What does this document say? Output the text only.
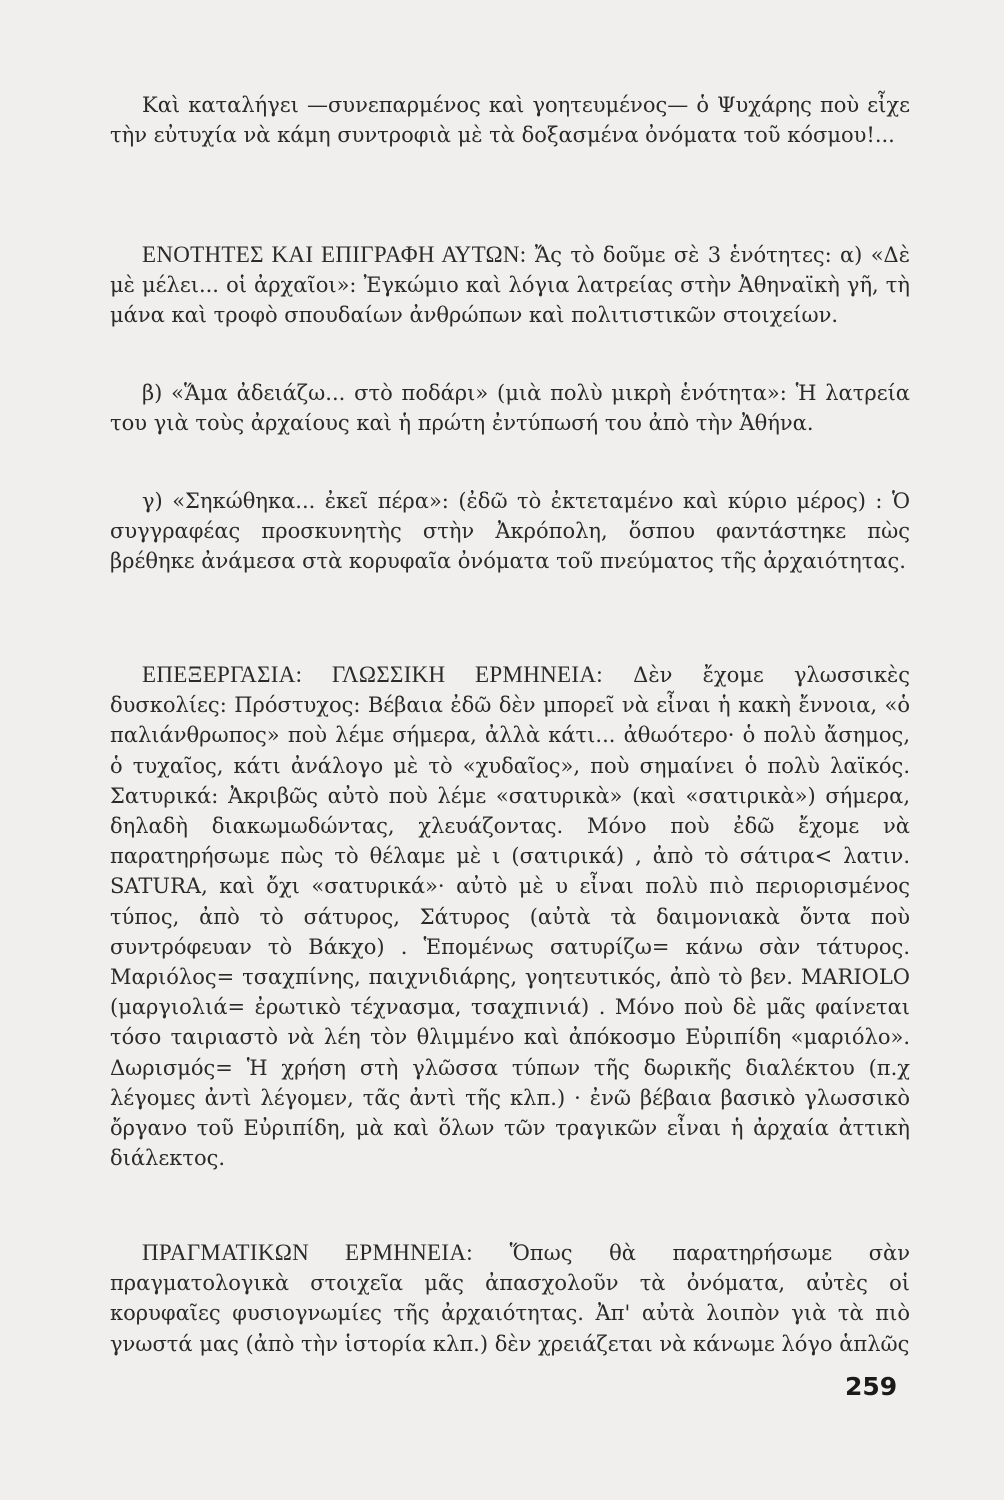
Καὶ καταλήγει —συνεπαρμένος καὶ γοητευμένος— ὁ Ψυχάρης ποὺ εἶχε τὴν εὐτυχία νὰ κάμη συντροφιὰ μὲ τὰ δοξασμένα ὀνόματα τοῦ κόσμου!...

ΕΝΟΤΗΤΕΣ ΚΑΙ ΕΠΙΓΡΑΦΗ ΑΥΤΩΝ: Ἄς τὸ δοῦμε σὲ 3 ἑνότητες: α) «Δὲ μὲ μέλει... οἱ ἀρχαῖοι»: Ἐγκώμιο καὶ λόγια λατρείας στὴν Ἀθηναϊκὴ γῆ, τὴ μάνα καὶ τροφὸ σπουδαίων ἀνθρώπων καὶ πολιτιστικῶν στοιχείων.

β) «Ἅμα ἀδειάζω... στὸ ποδάρι» (μιὰ πολὺ μικρὴ ἑνότητα»: Ἡ λατρεία του γιὰ τοὺς ἀρχαίους καὶ ἡ πρώτη ἐντύπωσή του ἀπὸ τὴν Ἀθήνα.

γ) «Σηκώθηκα... ἐκεῖ πέρα»: (ἐδῶ τὸ ἐκτεταμένο καὶ κύριο μέρος) : Ὁ συγγραφέας προσκυνητὴς στὴν Ἀκρόπολη, ὅσπου φαντάστηκε πὼς βρέθηκε ἀνάμεσα στὰ κορυφαῖα ὀνόματα τοῦ πνεύματος τῆς ἀρχαιότητας.

ΕΠΕΞΕΡΓΑΣΙΑ: ΓΛΩΣΣΙΚΗ ΕΡΜΗΝΕΙΑ: Δὲν ἔχομε γλωσσικὲς δυσκολίες: Πρόστυχος: Βέβαια ἐδῶ δὲν μπορεῖ νὰ εἶναι ἡ κακὴ ἔννοια, «ὁ παλιάνθρωπος» ποὺ λέμε σήμερα, ἀλλὰ κάτι... ἀθωότερο· ὁ πολὺ ἄσημος, ὁ τυχαῖος, κάτι ἀνάλογο μὲ τὸ «χυδαῖος», ποὺ σημαίνει ὁ πολὺ λαϊκός. Σατυρικά: Ἀκριβῶς αὐτὸ ποὺ λέμε «σατυρικὰ» (καὶ «σατιρικὰ») σήμερα, δηλαδὴ διακωμωδώντας, χλευάζοντας. Μόνο ποὺ ἐδῶ ἔχομε νὰ παρατηρήσωμε πὼς τὸ θέλαμε μὲ ι (σατιρικά) , ἀπὸ τὸ σάτιρα< λατιν. SATURA, καὶ ὄχι «σατυρικά»· αὐτὸ μὲ υ εἶναι πολὺ πιὸ περιορισμένος τύπος, ἀπὸ τὸ σάτυρος, Σάτυρος (αὐτὰ τὰ δαιμονιακὰ ὄντα ποὺ συντρόφευαν τὸ Βάκχο) . Ἑπομένως σατυρίζω= κάνω σὰν τάτυρος. Μαριόλος= τσαχπίνης, παιχνιδιάρης, γοητευτικός, ἀπὸ τὸ βεν. MARIOLO (μαργιολιά= ἐρωτικὸ τέχνασμα, τσαχπινιά) . Μόνο ποὺ δὲ μᾶς φαίνεται τόσο ταιριαστὸ νὰ λέη τὸν θλιμμένο καὶ ἀπόκοσμο Εὐριπίδη «μαριόλο». Δωρισμός= Ἡ χρήση στὴ γλῶσσα τύπων τῆς δωρικῆς διαλέκτου (π.χ λέγομες ἀντὶ λέγομεν, τᾶς ἀντὶ τῆς κλπ.) · ἐνῶ βέβαια βασικὸ γλωσσικὸ ὄργανο τοῦ Εὐριπίδη, μὰ καὶ ὅλων τῶν τραγικῶν εἶναι ἡ ἀρχαία ἀττικὴ διάλεκτος.

ΠΡΑΓΜΑΤΙΚΩΝ ΕΡΜΗΝΕΙΑ: Ὅπως θὰ παρατηρήσωμε σὰν πραγματολογικὰ στοιχεῖα μᾶς ἀπασχολοῦν τὰ ὀνόματα, αὐτὲς οἱ κορυφαῖες φυσιογνωμίες τῆς ἀρχαιότητας. Ἀπ' αὐτὰ λοιπὸν γιὰ τὰ πιὸ γνωστά μας (ἀπὸ τὴν ἱστορία κλπ.) δὲν χρειάζεται νὰ κάνωμε λόγο ἁπλῶς

259
